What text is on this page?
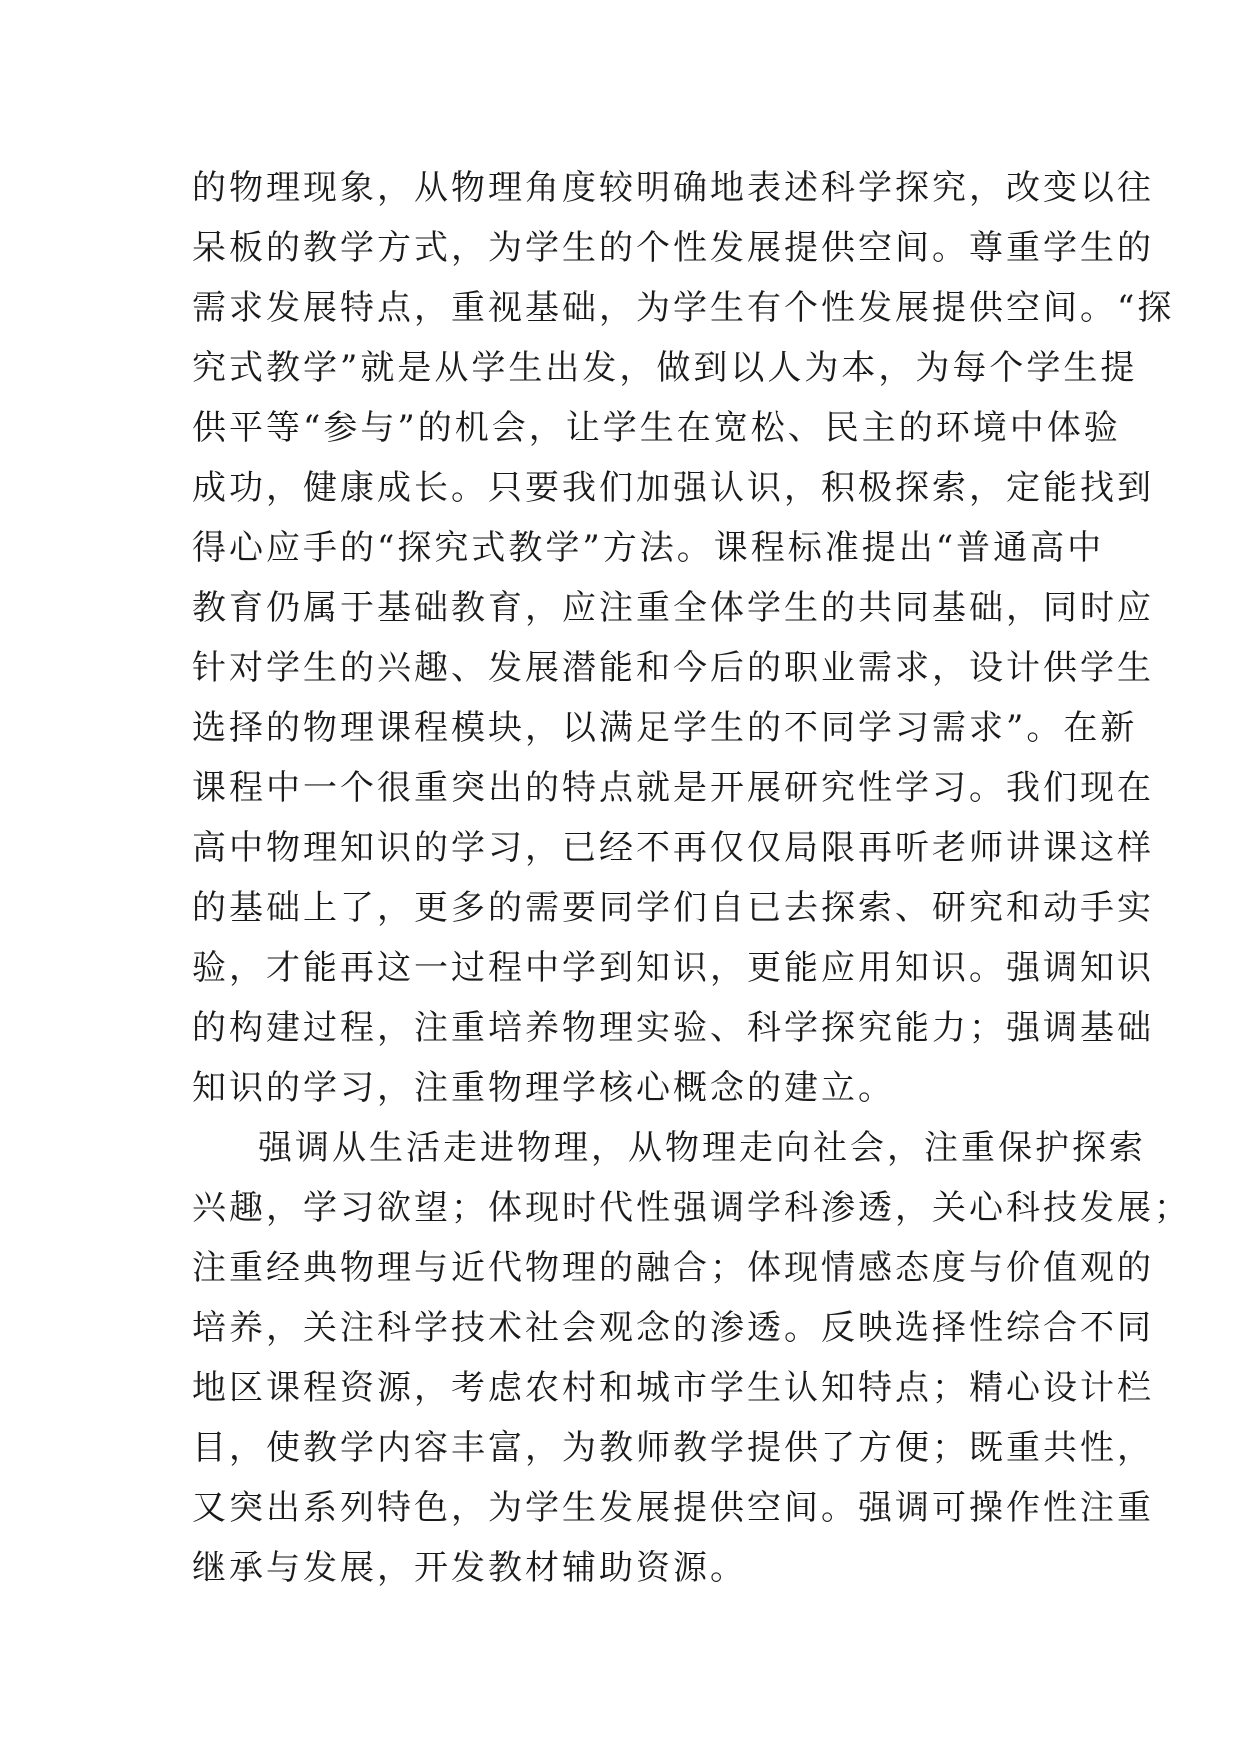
的物理现象，从物理角度较明确地表述科学探究，改变以往
呆板的教学方式，为学生的个性发展提供空间。尊重学生的
需求发展特点，重视基础，为学生有个性发展提供空间。“探
究式教学”就是从学生出发，做到以人为本，为每个学生提
供平等“参与”的机会，让学生在宽松、民主的环境中体验
成功，健康成长。只要我们加强认识，积极探索，定能找到
得心应手的“探究式教学”方法。课程标准提出“普通高中
教育仍属于基础教育，应注重全体学生的共同基础，同时应
针对学生的兴趣、发展潜能和今后的职业需求，设计供学生
选择的物理课程模块，以满足学生的不同学习需求”。在新
课程中一个很重突出的特点就是开展研究性学习。我们现在
高中物理知识的学习，已经不再仅仅局限再听老师讲课这样
的基础上了，更多的需要同学们自已去探索、研究和动手实
验，才能再这一过程中学到知识，更能应用知识。强调知识
的构建过程，注重培养物理实验、科学探究能力；强调基础
知识的学习，注重物理学核心概念的建立。
强调从生活走进物理，从物理走向社会，注重保护探索
兴趣，学习欲望；体现时代性强调学科渗透，关心科技发展；
注重经典物理与近代物理的融合；体现情感态度与价值观的
培养，关注科学技术社会观念的渗透。反映选择性综合不同
地区课程资源，考虑农村和城市学生认知特点；精心设计栏
目，使教学内容丰富，为教师教学提供了方便；既重共性，
又突出系列特色，为学生发展提供空间。强调可操作性注重
继承与发展，开发教材辅助资源。
